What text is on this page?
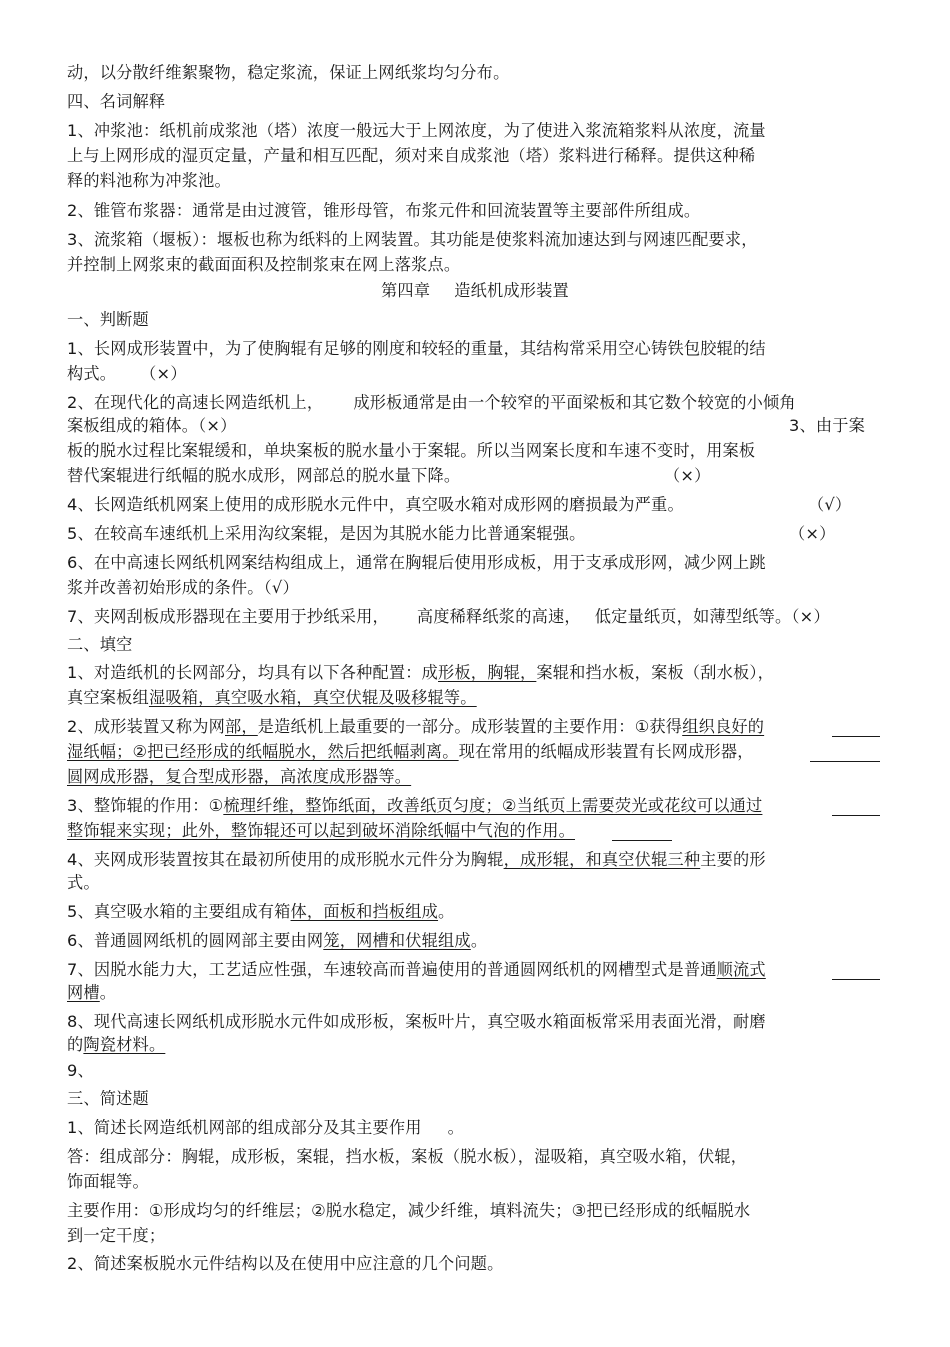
动，以分散纤维絮聚物，稳定浆流，保证上网纸浆均匀分布。
四、名词解释
1、冲浆池：纸机前成浆池（塔）浓度一般远大于上网浓度，为了使进入浆流箱浆料从浓度，流量
上与上网形成的湿页定量，产量和相互匹配，须对来自成浆池（塔）浆料进行稀释。提供这种稀
释的料池称为冲浆池。
2、锥管布浆器：通常是由过渡管，锥形母管，布浆元件和回流装置等主要部件所组成。
3、流浆箱（堰板）：堰板也称为纸料的上网装置。其功能是使浆料流加速达到与网速匹配要求，
并控制上网浆束的截面面积及控制浆束在网上落浆点。
第四章 造纸机成形装置
一、判断题
1、长网成形装置中，为了使胸辊有足够的刚度和较轻的重量，其结构常采用空心铸铁包胶辊的结
构式。 （×）
2、在现代化的高速长网造纸机上， 成形板通常是由一个较窄的平面梁板和其它数个较宽的小倾角
案板组成的箱体。（×）	3、由于案
板的脱水过程比案辊缓和，单块案板的脱水量小于案辊。所以当网案长度和车速不变时，用案板
替代案辊进行纸幅的脱水成形，网部总的脱水量下降。	（×）
4、长网造纸机网案上使用的成形脱水元件中，真空吸水箱对成形网的磨损最为严重。	（√）
5、在较高车速纸机上采用沟纹案辊，是因为其脱水能力比普通案辊强。	（×）
6、在中高速长网纸机网案结构组成上，通常在胸辊后使用形成板，用于支承成形网，减少网上跳
浆并改善初始形成的条件。（√）
7、夹网刮板成形器现在主要用于抄纸采用， 高度稀释纸浆的高速， 低定量纸页，如薄型纸等。（×）
二、填空
1、对造纸机的长网部分，均具有以下各种配置：成形板，胸辊，案辊和挡水板，案板（刮水板），
真空案板组湿吸箱，真空吸水箱，真空伏辊及吸移辊等。
2、成形装置又称为网部，是造纸机上最重要的一部分。成形装置的主要作用：①获得组织良好的
湿纸幅；②把已经形成的纸幅脱水，然后把纸幅剥离。现在常用的纸幅成形装置有长网成形器，
圆网成形器，复合型成形器，高浓度成形器等。
3、整饰辊的作用：①梳理纤维，整饰纸面，改善纸页匀度；②当纸页上需要荧光或花纹可以通过
整饰辊来实现；此外，整饰辊还可以起到破坏消除纸幅中气泡的作用。
4、夹网成形装置按其在最初所使用的成形脱水元件分为胸辊，成形辊，和真空伏辊三种主要的形
式。
5、真空吸水箱的主要组成有箱体，面板和挡板组成。
6、普通圆网纸机的圆网部主要由网笼，网槽和伏辊组成。
7、因脱水能力大，工艺适应性强，车速较高而普遍使用的普通圆网纸机的网槽型式是普通顺流式
网槽。
8、现代高速长网纸机成形脱水元件如成形板，案板叶片，真空吸水箱面板常采用表面光滑，耐磨
的陶瓷材料。
9、
三、简述题
1、简述长网造纸机网部的组成部分及其主要作用 。
答：组成部分：胸辊，成形板，案辊，挡水板，案板（脱水板），湿吸箱，真空吸水箱，伏辊，
饰面辊等。
主要作用：①形成均匀的纤维层；②脱水稳定，减少纤维，填料流失；③把已经形成的纸幅脱水
到一定干度；
2、简述案板脱水元件结构以及在使用中应注意的几个问题。
